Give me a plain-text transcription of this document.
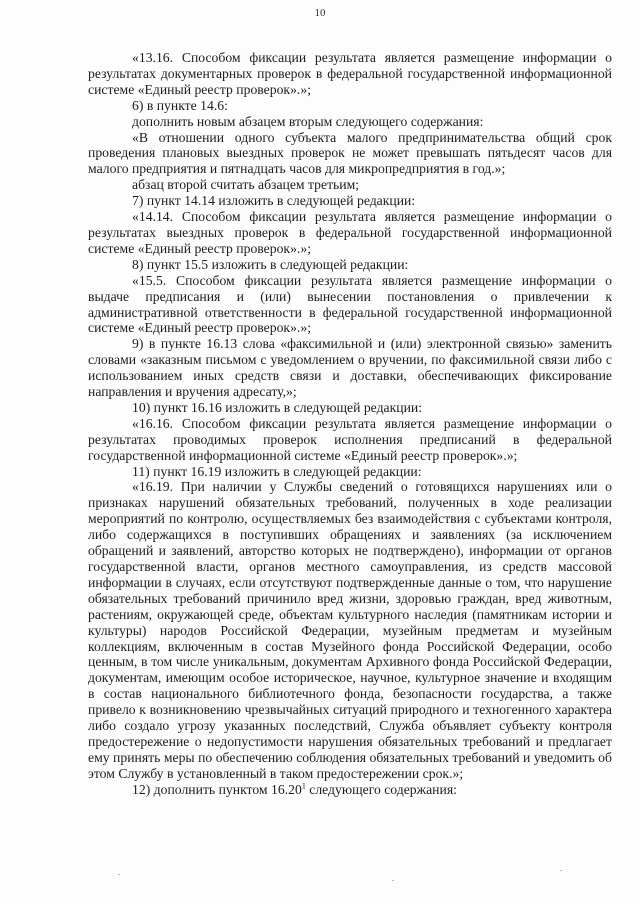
10

«13.16. Способом фиксации результата является размещение информации о результатах документарных проверок в федеральной государственной информационной системе «Единый реестр проверок».»;

6) в пункте 14.6:

дополнить новым абзацем вторым следующего содержания:

«В отношении одного субъекта малого предпринимательства общий срок проведения плановых выездных проверок не может превышать пятьдесят часов для малого предприятия и пятнадцать часов для микропредприятия в год.»;

абзац второй считать абзацем третьим;

7) пункт 14.14 изложить в следующей редакции:

«14.14. Способом фиксации результата является размещение информации о результатах выездных проверок в федеральной государственной информационной системе «Единый реестр проверок».»;

8) пункт 15.5 изложить в следующей редакции:

«15.5. Способом фиксации результата является размещение информации о выдаче предписания и (или) вынесении постановления о привлечении к административной ответственности в федеральной государственной информационной системе «Единый реестр проверок».»;

9) в пункте 16.13 слова «факсимильной и (или) электронной связью» заменить словами «заказным письмом с уведомлением о вручении, по факсимильной связи либо с использованием иных средств связи и доставки, обеспечивающих фиксирование направления и вручения адресату,»;

10) пункт 16.16 изложить в следующей редакции:

«16.16. Способом фиксации результата является размещение информации о результатах проводимых проверок исполнения предписаний в федеральной государственной информационной системе «Единый реестр проверок».»;

11) пункт 16.19 изложить в следующей редакции:

«16.19. При наличии у Службы сведений о готовящихся нарушениях или о признаках нарушений обязательных требований, полученных в ходе реализации мероприятий по контролю, осуществляемых без взаимодействия с субъектами контроля, либо содержащихся в поступивших обращениях и заявлениях (за исключением обращений и заявлений, авторство которых не подтверждено), информации от органов государственной власти, органов местного самоуправления, из средств массовой информации в случаях, если отсутствуют подтвержденные данные о том, что нарушение обязательных требований причинило вред жизни, здоровью граждан, вред животным, растениям, окружающей среде, объектам культурного наследия (памятникам истории и культуры) народов Российской Федерации, музейным предметам и музейным коллекциям, включенным в состав Музейного фонда Российской Федерации, особо ценным, в том числе уникальным, документам Архивного фонда Российской Федерации, документам, имеющим особое историческое, научное, культурное значение и входящим в состав национального библиотечного фонда, безопасности государства, а также привело к возникновению чрезвычайных ситуаций природного и техногенного характера либо создало угрозу указанных последствий, Служба объявляет субъекту контроля предостережение о недопустимости нарушения обязательных требований и предлагает ему принять меры по обеспечению соблюдения обязательных требований и уведомить об этом Службу в установленный в таком предостережении срок.»;

12) дополнить пунктом 16.20$^1$ следующего содержания:
